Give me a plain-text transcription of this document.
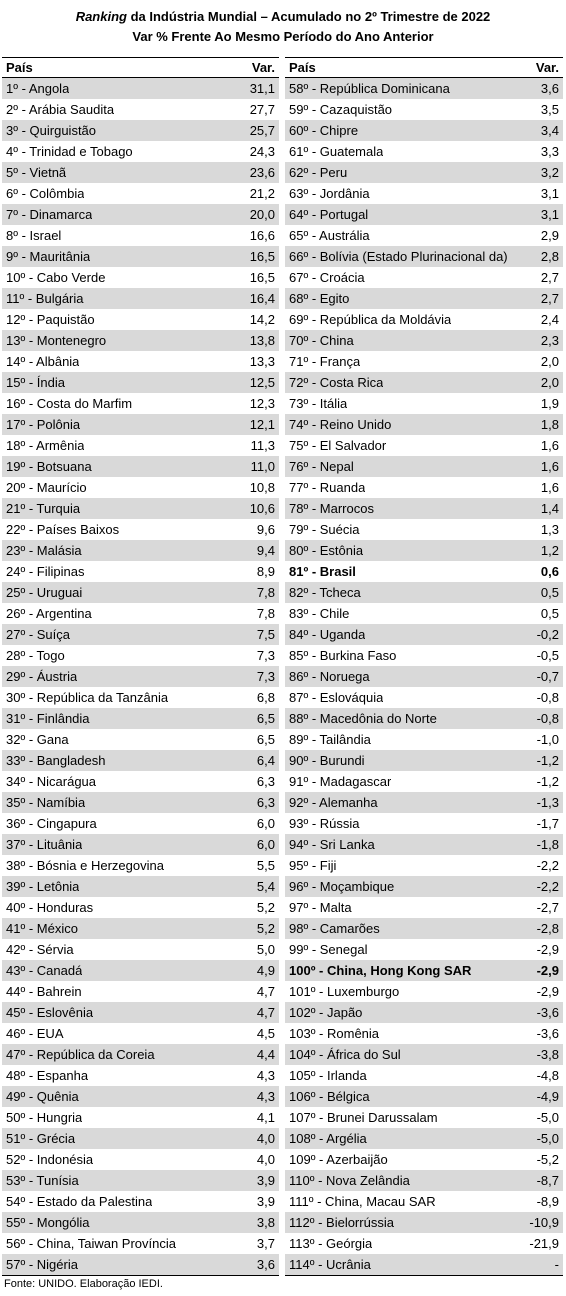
Ranking da Indústria Mundial – Acumulado no 2º Trimestre de 2022
Var % Frente Ao Mesmo Período do Ano Anterior
País	Var.
1º - Angola	31,1
2º - Arábia Saudita	27,7
3º - Quirguistão	25,7
4º - Trinidad e Tobago	24,3
5º - Vietnã	23,6
6º - Colômbia	21,2
7º - Dinamarca	20,0
8º - Israel	16,6
9º - Mauritânia	16,5
10º - Cabo Verde	16,5
11º - Bulgária	16,4
12º - Paquistão	14,2
13º - Montenegro	13,8
14º - Albânia	13,3
15º - Índia	12,5
16º - Costa do Marfim	12,3
17º - Polônia	12,1
18º - Armênia	11,3
19º - Botsuana	11,0
20º - Maurício	10,8
21º - Turquia	10,6
22º - Países Baixos	9,6
23º - Malásia	9,4
24º - Filipinas	8,9
25º - Uruguai	7,8
26º - Argentina	7,8
27º - Suíça	7,5
28º - Togo	7,3
29º - Áustria	7,3
30º - República da Tanzânia	6,8
31º - Finlândia	6,5
32º - Gana	6,5
33º - Bangladesh	6,4
34º - Nicarágua	6,3
35º - Namíbia	6,3
36º - Cingapura	6,0
37º - Lituânia	6,0
38º - Bósnia e Herzegovina	5,5
39º - Letônia	5,4
40º - Honduras	5,2
41º - México	5,2
42º - Sérvia	5,0
43º - Canadá	4,9
44º - Bahrein	4,7
45º - Eslovênia	4,7
46º - EUA	4,5
47º - República da Coreia	4,4
48º - Espanha	4,3
49º - Quênia	4,3
50º - Hungria	4,1
51º - Grécia	4,0
52º - Indonésia	4,0
53º - Tunísia	3,9
54º - Estado da Palestina	3,9
55º - Mongólia	3,8
56º - China, Taiwan Província	3,7
57º - Nigéria	3,6
País	Var.
58º - República Dominicana	3,6
59º - Cazaquistão	3,5
60º - Chipre	3,4
61º - Guatemala	3,3
62º - Peru	3,2
63º - Jordânia	3,1
64º - Portugal	3,1
65º - Austrália	2,9
66º - Bolívia (Estado Plurinacional da)	2,8
67º - Croácia	2,7
68º - Egito	2,7
69º - República da Moldávia	2,4
70º - China	2,3
71º - França	2,0
72º - Costa Rica	2,0
73º - Itália	1,9
74º - Reino Unido	1,8
75º - El Salvador	1,6
76º - Nepal	1,6
77º - Ruanda	1,6
78º - Marrocos	1,4
79º - Suécia	1,3
80º - Estônia	1,2
81º - Brasil	0,6
82º - Tcheca	0,5
83º - Chile	0,5
84º - Uganda	-0,2
85º - Burkina Faso	-0,5
86º - Noruega	-0,7
87º - Eslováquia	-0,8
88º - Macedônia do Norte	-0,8
89º - Tailândia	-1,0
90º - Burundi	-1,2
91º - Madagascar	-1,2
92º - Alemanha	-1,3
93º - Rússia	-1,7
94º - Sri Lanka	-1,8
95º - Fiji	-2,2
96º - Moçambique	-2,2
97º - Malta	-2,7
98º - Camarões	-2,8
99º - Senegal	-2,9
100º - China, Hong Kong SAR	-2,9
101º - Luxemburgo	-2,9
102º - Japão	-3,6
103º - Romênia	-3,6
104º - África do Sul	-3,8
105º - Irlanda	-4,8
106º - Bélgica	-4,9
107º - Brunei Darussalam	-5,0
108º - Argélia	-5,0
109º - Azerbaijão	-5,2
110º - Nova Zelândia	-8,7
111º - China, Macau SAR	-8,9
112º - Bielorrússia	-10,9
113º - Geórgia	-21,9
114º - Ucrânia	-
Fonte: UNIDO. Elaboração IEDI.
